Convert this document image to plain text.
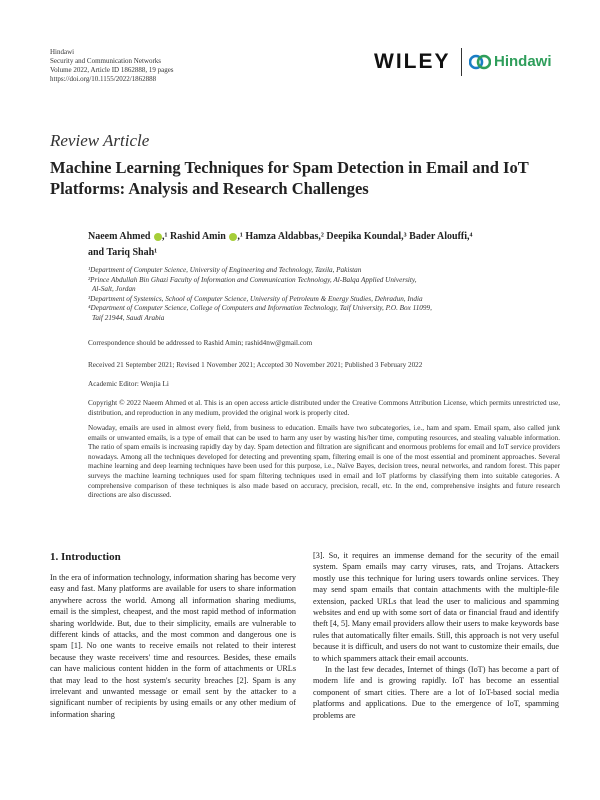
Hindawi
Security and Communication Networks
Volume 2022, Article ID 1862888, 19 pages
https://doi.org/10.1155/2022/1862888
WILEY	Hindawi
Review Article
Machine Learning Techniques for Spam Detection in Email and IoT Platforms: Analysis and Research Challenges
Naeem Ahmed ,¹ Rashid Amin ,¹ Hamza Aldabbas,² Deepika Koundal,³ Bader Alouffi,⁴
and Tariq Shah¹
¹Department of Computer Science, University of Engineering and Technology, Taxila, Pakistan
²Prince Abdullah Bin Ghazi Faculty of Information and Communication Technology, Al-Balqa Applied University,
Al-Salt, Jordan
³Department of Systemics, School of Computer Science, University of Petroleum & Energy Studies, Dehradun, India
⁴Department of Computer Science, College of Computers and Information Technology, Taif University, P.O. Box 11099,
Taif 21944, Saudi Arabia
Correspondence should be addressed to Rashid Amin; rashid4nw@gmail.com
Received 21 September 2021; Revised 1 November 2021; Accepted 30 November 2021; Published 3 February 2022
Academic Editor: Wenjia Li
Copyright © 2022 Naeem Ahmed et al. This is an open access article distributed under the Creative Commons Attribution License, which permits unrestricted use, distribution, and reproduction in any medium, provided the original work is properly cited.
Nowaday, emails are used in almost every field, from business to education. Emails have two subcategories, i.e., ham and spam. Email spam, also called junk emails or unwanted emails, is a type of email that can be used to harm any user by wasting his/her time, computing resources, and stealing valuable information. The ratio of spam emails is increasing rapidly day by day. Spam detection and filtration are significant and enormous problems for email and IoT service providers nowadays. Among all the techniques developed for detecting and preventing spam, filtering email is one of the most essential and prominent approaches. Several machine learning and deep learning techniques have been used for this purpose, i.e., Naïve Bayes, decision trees, neural networks, and random forest. This paper surveys the machine learning techniques used for spam filtering techniques used in email and IoT platforms by classifying them into suitable categories. A comprehensive comparison of these techniques is also made based on accuracy, precision, recall, etc. In the end, comprehensive insights and future research directions are also discussed.
1. Introduction

In the era of information technology, information sharing has become very easy and fast. Many platforms are available for users to share information anywhere across the world. Among all information sharing mediums, email is the simplest, cheapest, and the most rapid method of information sharing worldwide. But, due to their simplicity, emails are vulnerable to different kinds of attacks, and the most common and dangerous one is spam [1]. No one wants to receive emails not related to their interest because they waste receivers' time and resources. Besides, these emails can have malicious content hidden in the form of attachments or URLs that may lead to the host system's security breaches [2]. Spam is any irrelevant and unwanted message or email sent by the attacker to a significant number of recipients by using emails or any other medium of information sharing

[3]. So, it requires an immense demand for the security of the email system. Spam emails may carry viruses, rats, and Trojans. Attackers mostly use this technique for luring users towards online services. They may send spam emails that contain attachments with the multiple-file extension, packed URLs that lead the user to malicious and spamming websites and end up with some sort of data or financial fraud and identify theft [4, 5]. Many email providers allow their users to make keywords base rules that automatically filter emails. Still, this approach is not very useful because it is difficult, and users do not want to customize their emails, due to which spammers attack their email accounts.

In the last few decades, Internet of things (IoT) has become a part of modern life and is growing rapidly. IoT has become an essential component of smart cities. There are a lot of IoT-based social media platforms and applications. Due to the emergence of IoT, spamming problems are
